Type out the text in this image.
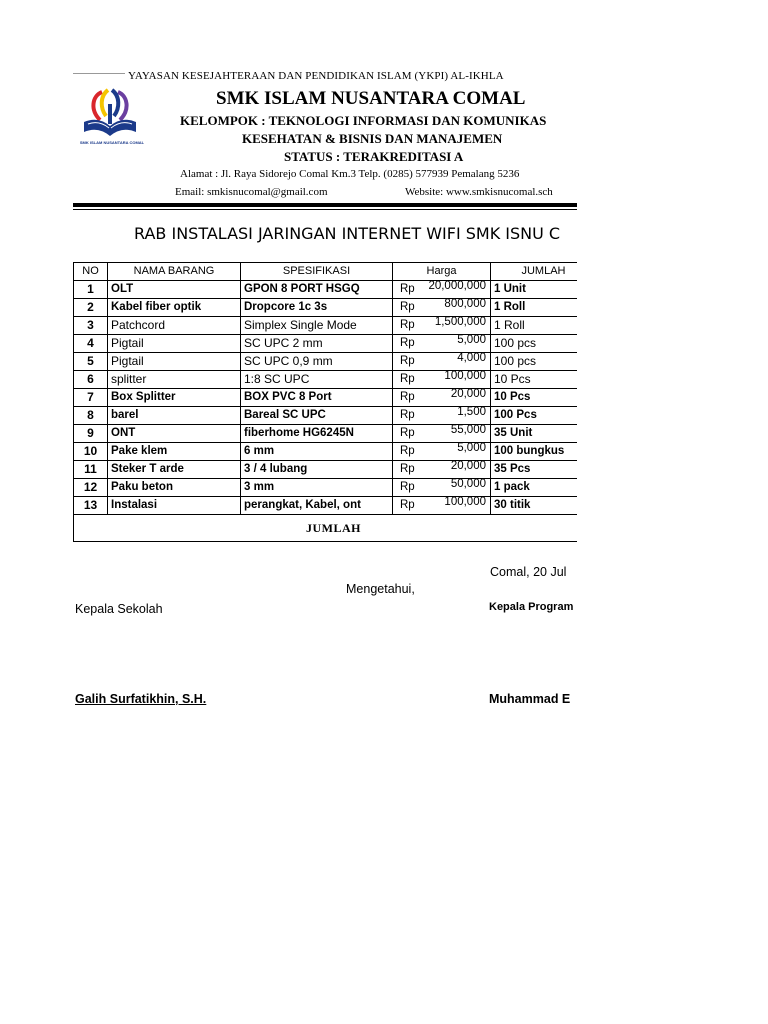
SMK ISLAM NUSANTARA COMAL
YAYASAN KESEJAHTERAAN DAN PENDIDIKAN ISLAM (YKPI) AL-IKHLA
SMK ISLAM NUSANTARA COMAL
KELOMPOK : TEKNOLOGI INFORMASI DAN KOMUNIKAS
KESEHATAN & BISNIS DAN MANAJEMEN
STATUS : TERAKREDITASI A
Alamat : Jl. Raya Sidorejo Comal Km.3 Telp. (0285) 577939 Pemalang 5236
Email: smkisnucomal@gmail.com	Website: www.smkisnucomal.sch
RAB INSTALASI JARINGAN INTERNET WIFI SMK ISNU C
NO	NAMA BARANG	SPESIFIKASI	Harga	JUMLAH
1	OLT	GPON 8 PORT HSGQ	Rp 20,000,000	1 Unit
2	Kabel fiber optik	Dropcore 1c 3s	Rp 800,000	1 Roll
3	Patchcord	Simplex Single Mode	Rp 1,500,000	1 Roll
4	Pigtail	SC UPC 2 mm	Rp 5,000	100 pcs
5	Pigtail	SC UPC 0,9 mm	Rp 4,000	100 pcs
6	splitter	1:8 SC UPC	Rp 100,000	10 Pcs
7	Box Splitter	BOX PVC 8 Port	Rp 20,000	10 Pcs
8	barel	Bareal SC UPC	Rp 1,500	100 Pcs
9	ONT	fiberhome HG6245N	Rp 55,000	35 Unit
10	Pake klem	6 mm	Rp 5,000	100 bungkus
11	Steker T arde	3 / 4 lubang	Rp 20,000	35 Pcs
12	Paku beton	3 mm	Rp 50,000	1 pack
13	Instalasi	perangkat, Kabel, ont	Rp 100,000	30 titik
JUMLAH				
Comal, 20 Jul
Mengetahui,
Kepala Sekolah	Kepala Program
Galih Surfatikhin, S.H.	Muhammad E
